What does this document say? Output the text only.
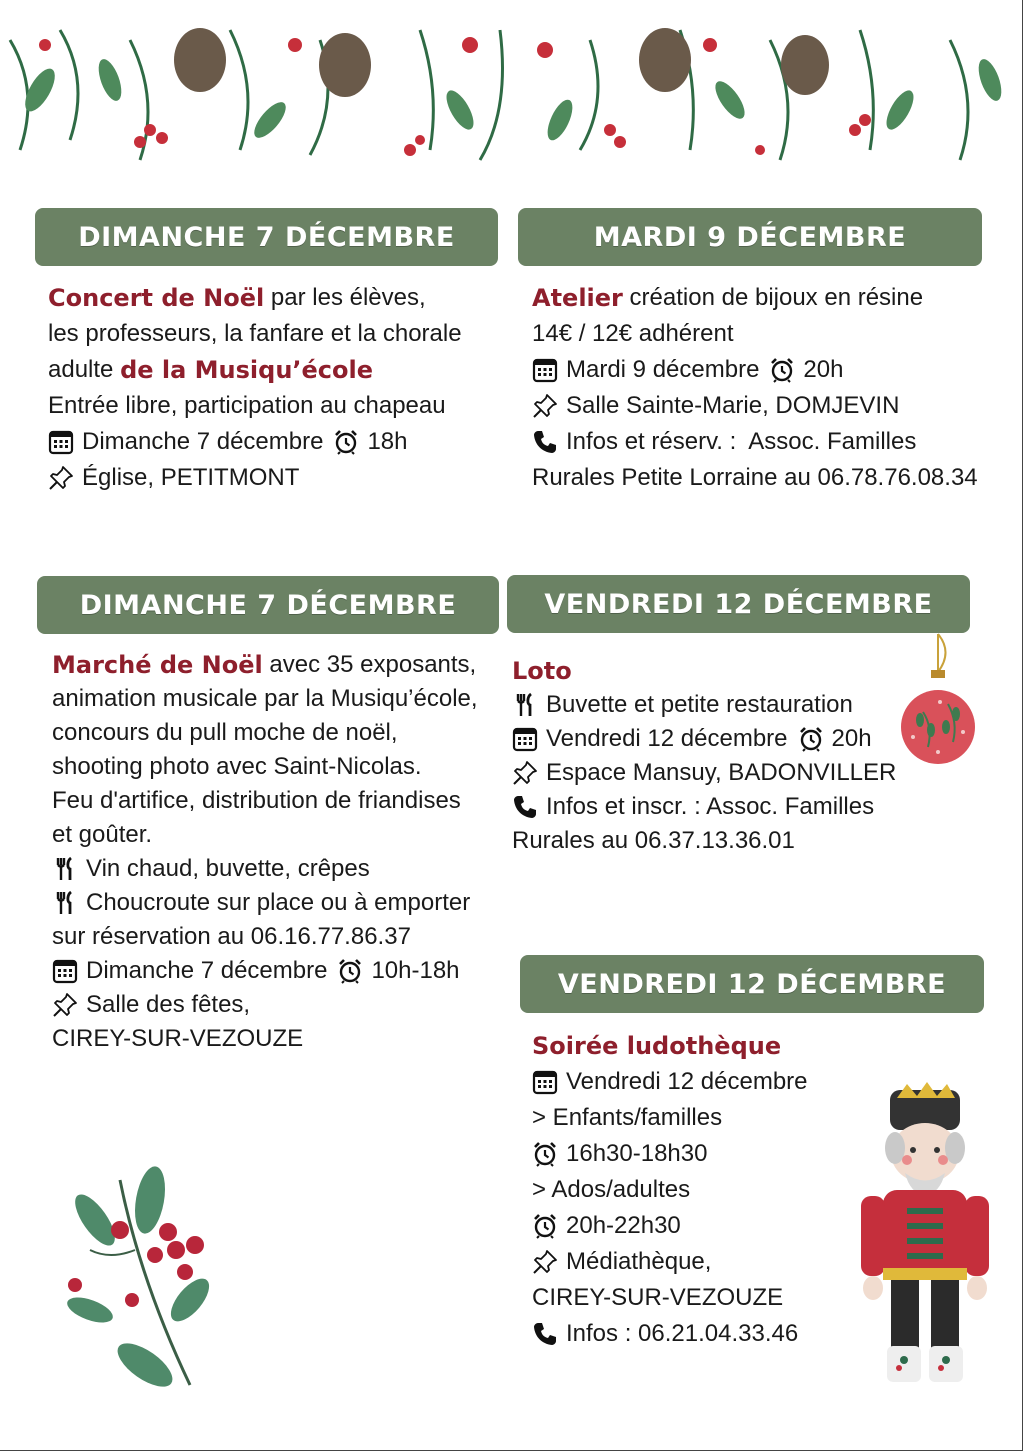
DIMANCHE 7 DÉCEMBRE
Concert de Noël par les élèves,
les professeurs, la fanfare et la chorale
adulte de la Musiqu’école
Entrée libre, participation au chapeau
Dimanche 7 décembre 18h
Église, PETITMONT
MARDI 9 DÉCEMBRE
Atelier création de bijoux en résine
14€ / 12€ adhérent
Mardi 9 décembre 20h
Salle Sainte-Marie, DOMJEVIN
Infos et réserv. :  Assoc. Familles
Rurales Petite Lorraine au 06.78.76.08.34
DIMANCHE 7 DÉCEMBRE
Marché de Noël avec 35 exposants,
animation musicale par la Musiqu’école,
concours du pull moche de noël,
shooting photo avec Saint-Nicolas.
Feu d'artifice, distribution de friandises
et goûter.
Vin chaud, buvette, crêpes
Choucroute sur place ou à emporter
sur réservation au 06.16.77.86.37
Dimanche 7 décembre 10h-18h
Salle des fêtes,
CIREY-SUR-VEZOUZE
VENDREDI 12 DÉCEMBRE
Loto
Buvette et petite restauration
Vendredi 12 décembre 20h
Espace Mansuy, BADONVILLER
Infos et inscr. : Assoc. Familles
Rurales au 06.37.13.36.01
VENDREDI 12 DÉCEMBRE
Soirée ludothèque
Vendredi 12 décembre
> Enfants/familles
16h30-18h30
> Ados/adultes
20h-22h30
Médiathèque,
CIREY-SUR-VEZOUZE
Infos : 06.21.04.33.46
